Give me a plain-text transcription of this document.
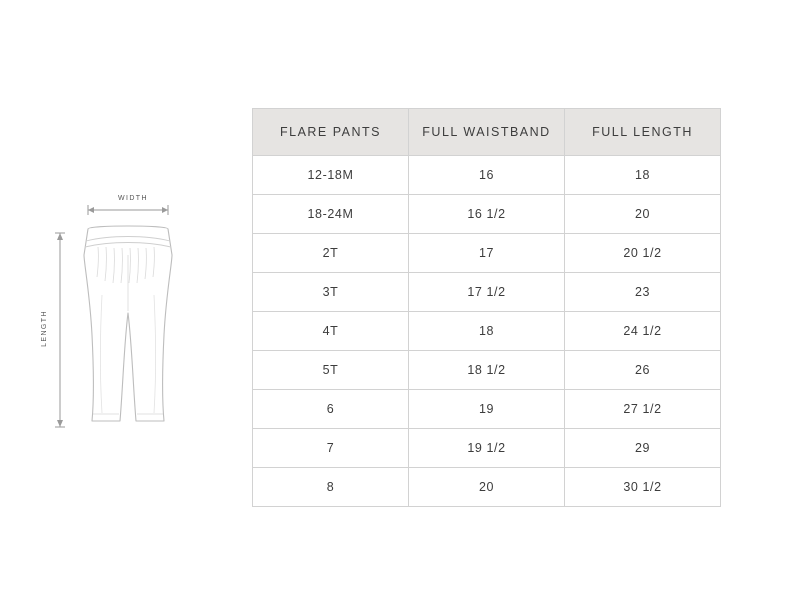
WIDTH
LENGTH
FLARE PANTS	FULL WAISTBAND	FULL LENGTH
12-18M	16	18
18-24M	16 1/2	20
2T	17	20 1/2
3T	17 1/2	23
4T	18	24 1/2
5T	18 1/2	26
6	19	27 1/2
7	19 1/2	29
8	20	30 1/2
